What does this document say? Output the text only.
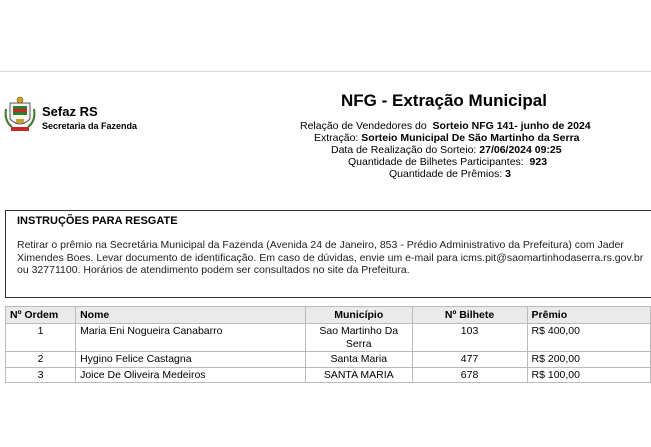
Sefaz RS
Secretaria da Fazenda
NFG - Extração Municipal
Relação de Vendedores do Sorteio NFG 141- junho de 2024
Extração: Sorteio Municipal De São Martinho da Serra
Data de Realização do Sorteio: 27/06/2024 09:25
Quantidade de Bilhetes Participantes: 923
Quantidade de Prêmios: 3
INSTRUÇÕES PARA RESGATE
Retirar o prêmio na Secretária Municipal da Fazenda (Avenida 24 de Janeiro, 853 - Prédio Administrativo da Prefeitura) com Jader Ximendes Boes. Levar documento de identificação. Em caso de dúvidas, envie um e-mail para icms.pit@saomartinhodaserra.rs.gov.br ou 32771100. Horários de atendimento podem ser consultados no site da Prefeitura.
Nº Ordem	Nome	Município	Nº Bilhete	Prêmio
1	Maria Eni Nogueira Canabarro	Sao Martinho Da Serra	103	R$ 400,00
2	Hygino Felice Castagna	Santa Maria	477	R$ 200,00
3	Joice De Oliveira Medeiros	SANTA MARIA	678	R$ 100,00
